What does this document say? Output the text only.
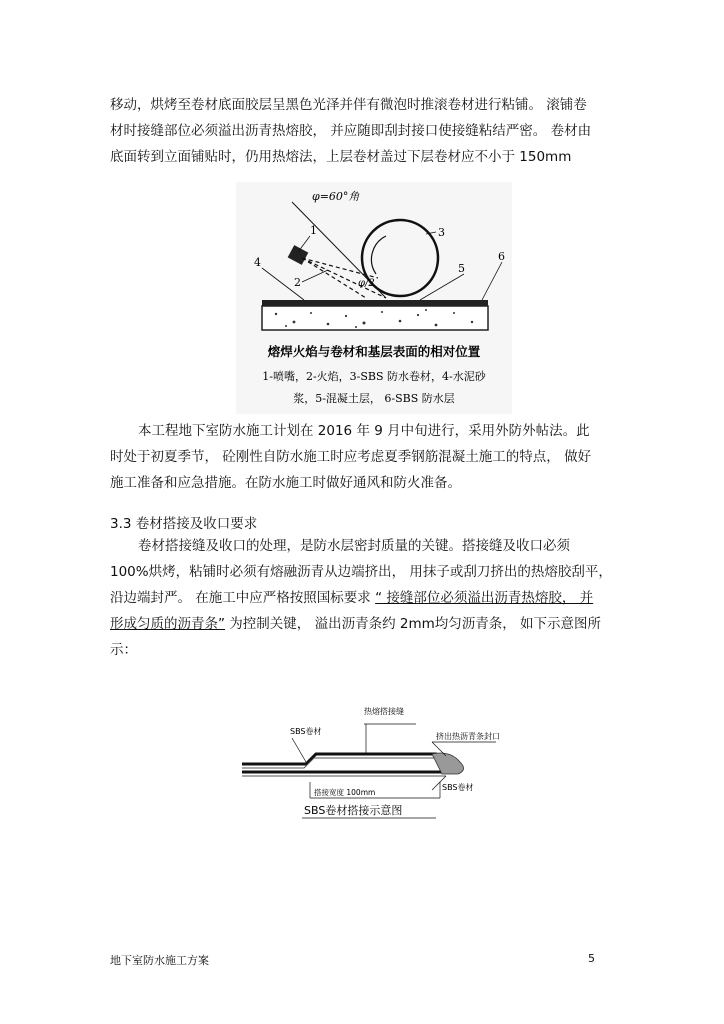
移动，烘烤至卷材底面胶层呈黑色光泽并伴有微泡时推滚卷材进行粘铺。 滚铺卷
材时接缝部位必须溢出沥青热熔胶， 并应随即刮封接口使接缝粘结严密。 卷材由
底面转到立面铺贴时，仍用热熔法，上层卷材盖过下层卷材应不小于 150mm
φ=60°角
φ/2
1
2
3
4	5
6
熔焊火焰与卷材和基层表面的相对位置
1-喷嘴，2-火焰，3-SBS 防水卷材，4-水泥砂
浆，5-混凝土层， 6-SBS 防水层
本工程地下室防水施工计划在 2016 年 9 月中旬进行，采用外防外帖法。此
时处于初夏季节， 砼刚性自防水施工时应考虑夏季钢筋混凝土施工的特点， 做好
施工准备和应急措施。在防水施工时做好通风和防火准备。
3.3 卷材搭接及收口要求
卷材搭接缝及收口的处理，是防水层密封质量的关键。搭接缝及收口必须
100%烘烤，粘铺时必须有熔融沥青从边端挤出， 用抹子或刮刀挤出的热熔胶刮平，
沿边端封严。 在施工中应严格按照国标要求 “ 接缝部位必须溢出沥青热熔胶， 并
形成匀质的沥青条” 为控制关键， 溢出沥青条约 2mm均匀沥青条， 如下示意图所
示：
热熔搭接缝
SBS卷材
挤出热沥青条封口
SBS卷材
搭接宽度 100mm
SBS卷材搭接示意图
地下室防水施工方案	5
